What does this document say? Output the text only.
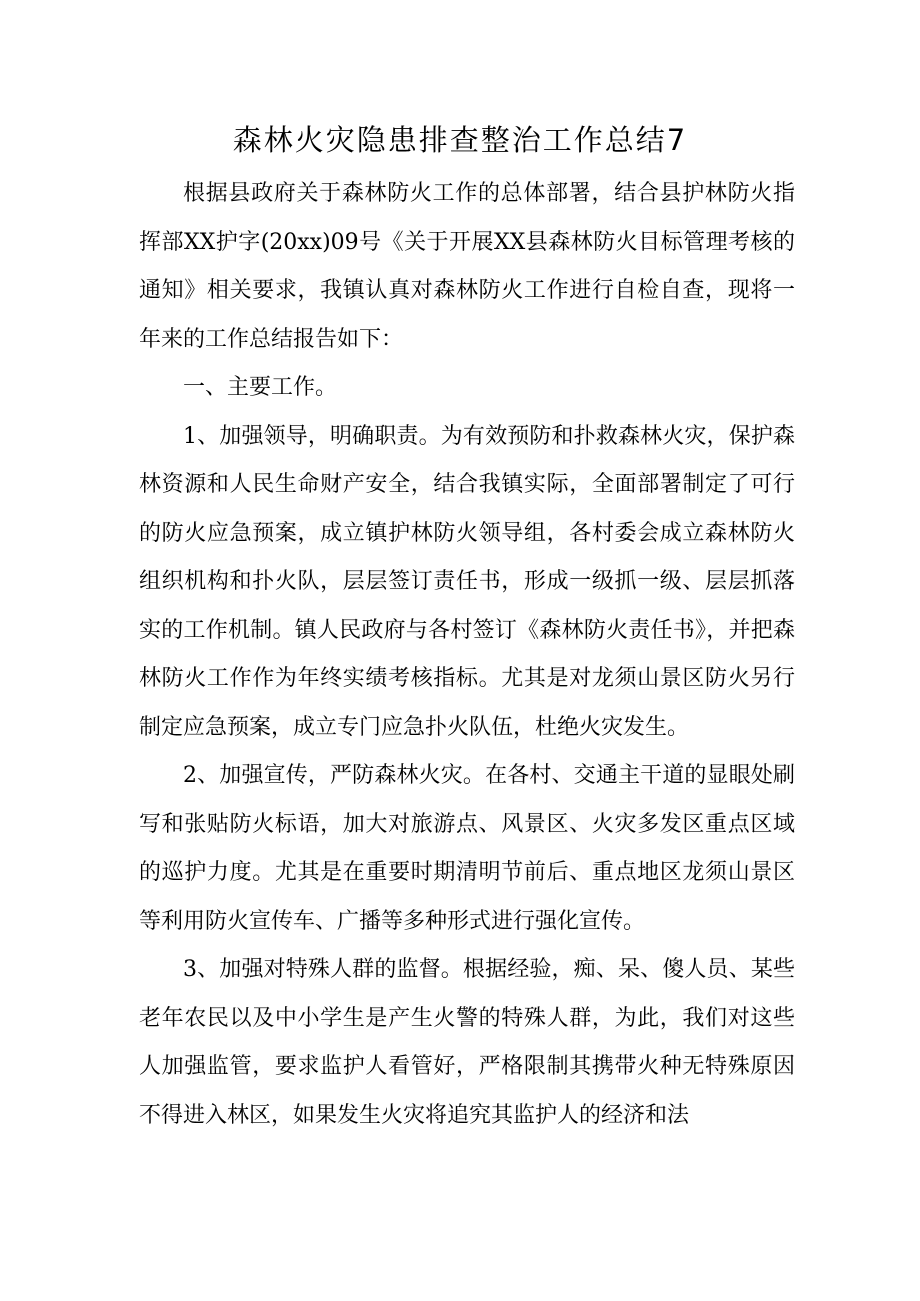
森林火灾隐患排查整治工作总结7

根据县政府关于森林防火工作的总体部署，结合县护林防火指挥部XX护字(20xx)09号《关于开展XX县森林防火目标管理考核的通知》相关要求，我镇认真对森林防火工作进行自检自查，现将一年来的工作总结报告如下：

一、主要工作。

1、加强领导，明确职责。为有效预防和扑救森林火灾，保护森林资源和人民生命财产安全，结合我镇实际，全面部署制定了可行的防火应急预案，成立镇护林防火领导组，各村委会成立森林防火组织机构和扑火队，层层签订责任书，形成一级抓一级、层层抓落实的工作机制。镇人民政府与各村签订《森林防火责任书》，并把森林防火工作作为年终实绩考核指标。尤其是对龙须山景区防火另行制定应急预案，成立专门应急扑火队伍，杜绝火灾发生。

2、加强宣传，严防森林火灾。在各村、交通主干道的显眼处刷写和张贴防火标语，加大对旅游点、风景区、火灾多发区重点区域的巡护力度。尤其是在重要时期清明节前后、重点地区龙须山景区等利用防火宣传车、广播等多种形式进行强化宣传。

3、加强对特殊人群的监督。根据经验，痴、呆、傻人员、某些老年农民以及中小学生是产生火警的特殊人群，为此，我们对这些人加强监管，要求监护人看管好，严格限制其携带火种无特殊原因不得进入林区，如果发生火灾将追究其监护人的经济和法
